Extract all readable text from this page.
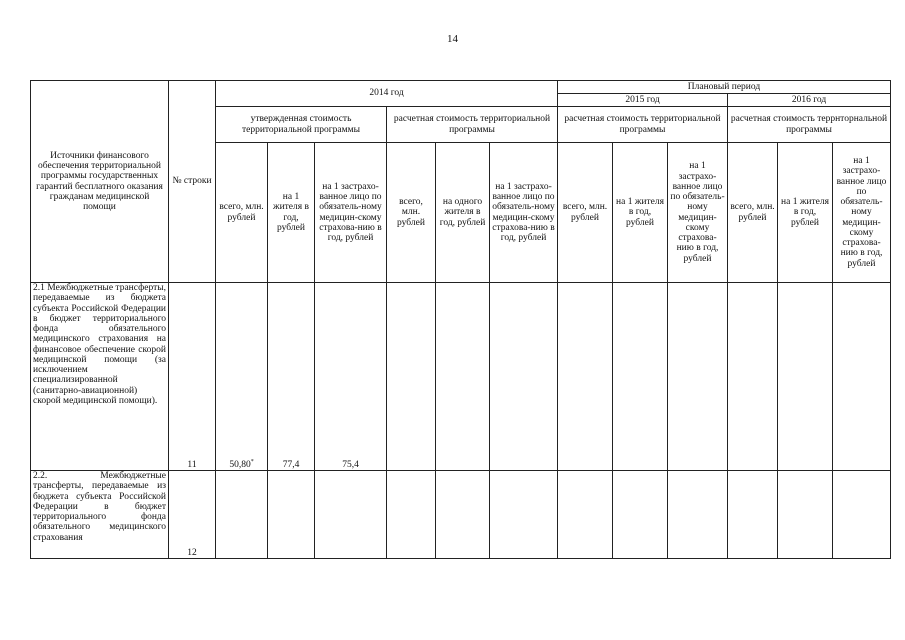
14
Источники финансового обеспечения территориальной программы государственных гарантий бесплатного оказания гражданам медицинской помощи	№ строки	2014 год						Плановый период					
								2015 год			2016 год		
		утвержденная стоимость территориальной программы			расчетная стоимость территориальной программы			расчетная стоимость территориальной программы			расчетная стоимость террнторнальной программы		
		всего, млн. рублей	на 1 жителя в год, рублей	на 1 застрахо-ванное лицо по обязатель-ному медицин-скому страхова-нию в год, рублей	всего, млн. рублей	на одного жителя в год, рублей	на 1 застрахо-ванное лицо по обязатель-ному медицин-скому страхова-нию в год, рублей	всего, млн. рублей	на 1 жителя в год, рублей	на 1 застрахо-ванное лицо по обязатель-ному медицин-скому страхова-нию в год, рублей	всего, млн. рублей	на 1 жителя в год, рублей	на 1 застрахо-ванное лицо по обязатель-ному медицин-скому страхова-нию в год, рублей
2.1 Межбюджетные трансферты, передаваемые из бюджета субъекта Российской Федерации в бюджет территориального фонда обязательного медицинского страхования на финансовое обеспечение скорой медицинской помощи (за исключением специализированной (санитарно-авиационной) скорой медицинской помощи).	11	50,80*	77,4	75,4									
2.2. Межбюджетные трансферты, передаваемые из бюджета субъекта Российской Федерации в бюджет территориального фонда обязательного медицинского страхования	12												
